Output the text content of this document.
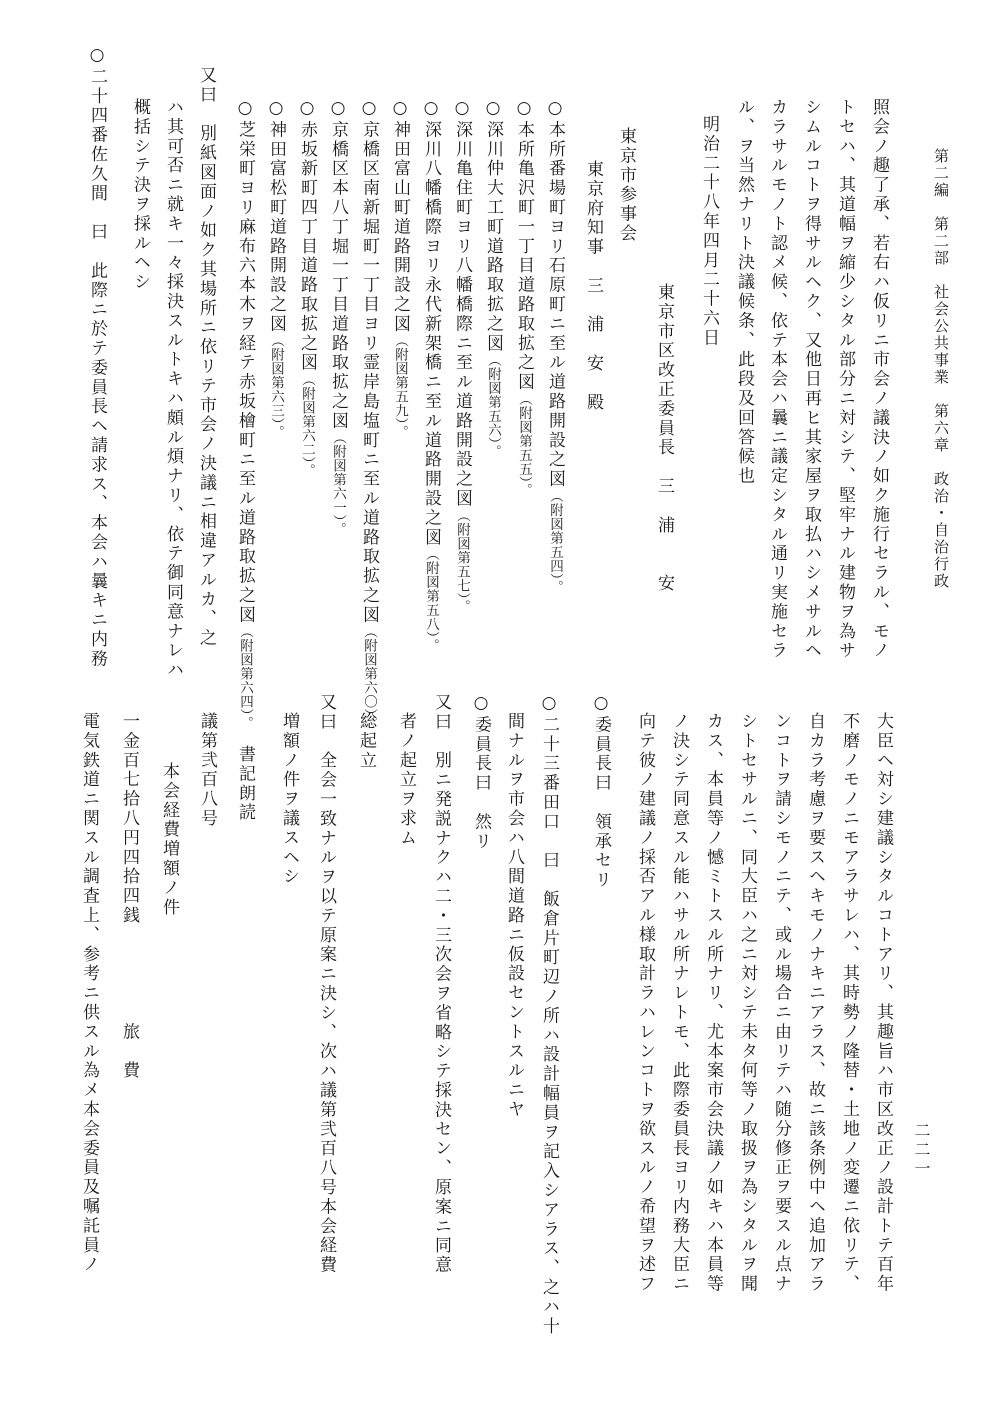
第二編　第二部　社会公共事業　第六章　政治・自治行政
二二一
照会ノ趣了承、若右ハ仮リニ市会ノ議決ノ如ク施行セラル、モノ
トセハ、其道幅ヲ縮少シタル部分ニ対シテ、堅牢ナル建物ヲ為サ
シムルコトヲ得サルヘク、又他日再ヒ其家屋ヲ取払ハシメサルヘ
カラサルモノト認メ候、依テ本会ハ曩ニ議定シタル通リ実施セラ
ル、ヲ当然ナリト決議候条、此段及回答候也
明治二十八年四月二十六日
東京市区改正委員長　三　浦　　安
東京市参事会
東京府知事　三　浦　安　殿
○本所番場町ヨリ石原町ニ至ル道路開設之図（附図第五四）。
○本所亀沢町一丁目道路取拡之図（附図第五五）。
○深川仲大工町道路取拡之図（附図第五六）。
○深川亀住町ヨリ八幡橋際ニ至ル道路開設之図（附図第五七）。
○深川八幡橋際ヨリ永代新架橋ニ至ル道路開設之図（附図第五八）。
○神田富山町道路開設之図（附図第五九）。
○京橋区南新堀町一丁目ヨリ霊岸島塩町ニ至ル道路取拡之図（附図第六〇）。
○京橋区本八丁堀一丁目道路取拡之図（附図第六一）。
○赤坂新町四丁目道路取拡之図（附図第六二）。
○神田富松町道路開設之図（附図第六三）。
○芝栄町ヨリ麻布六本木ヲ経テ赤坂檜町ニ至ル道路取拡之図（附図第六四）。
又曰　別紙図面ノ如ク其場所ニ依リテ市会ノ決議ニ相違アルカ、之
ハ其可否ニ就キ一々採決スルトキハ頗ル煩ナリ、依テ御同意ナレハ
概括シテ決ヲ採ルヘシ
○二十四番佐久間　曰　此際ニ於テ委員長ヘ請求ス、本会ハ曩キニ内務
大臣ヘ対シ建議シタルコトアリ、其趣旨ハ市区改正ノ設計トテ百年
不磨ノモノニモアラサレハ、其時勢ノ隆替・土地ノ変遷ニ依リテ、
自カラ考慮ヲ要スヘキモノナキニアラス、故ニ該条例中ヘ追加アラ
ンコトヲ請シモノニテ、或ル場合ニ由リテハ随分修正ヲ要スル点ナ
シトセサルニ、同大臣ハ之ニ対シテ未タ何等ノ取扱ヲ為シタルヲ聞
カス、本員等ノ憾ミトスル所ナリ、尤本案市会決議ノ如キハ本員等
ノ決シテ同意スル能ハサル所ナレトモ、此際委員長ヨリ内務大臣ニ
向テ彼ノ建議ノ採否アル様取計ラハレンコトヲ欲スルノ希望ヲ述フ
○委員長曰　領承セリ
○二十三番田口　曰　飯倉片町辺ノ所ハ設計幅員ヲ記入シアラス、之ハ十
間ナルヲ市会ハ八間道路ニ仮設セントスルニヤ
○委員長曰　然リ
又曰　別ニ発説ナクハ二・三次会ヲ省略シテ採決セン、原案ニ同意
者ノ起立ヲ求ム
総起立
又曰　全会一致ナルヲ以テ原案ニ決シ、次ハ議第弐百八号本会経費
増額ノ件ヲ議スヘシ
書記朗読
議第弐百八号
本会経費増額ノ件
一金百七拾八円四拾四銭　　　　　旅　費
電気鉄道ニ関スル調査上、参考ニ供スル為メ本会委員及嘱託員ノ
